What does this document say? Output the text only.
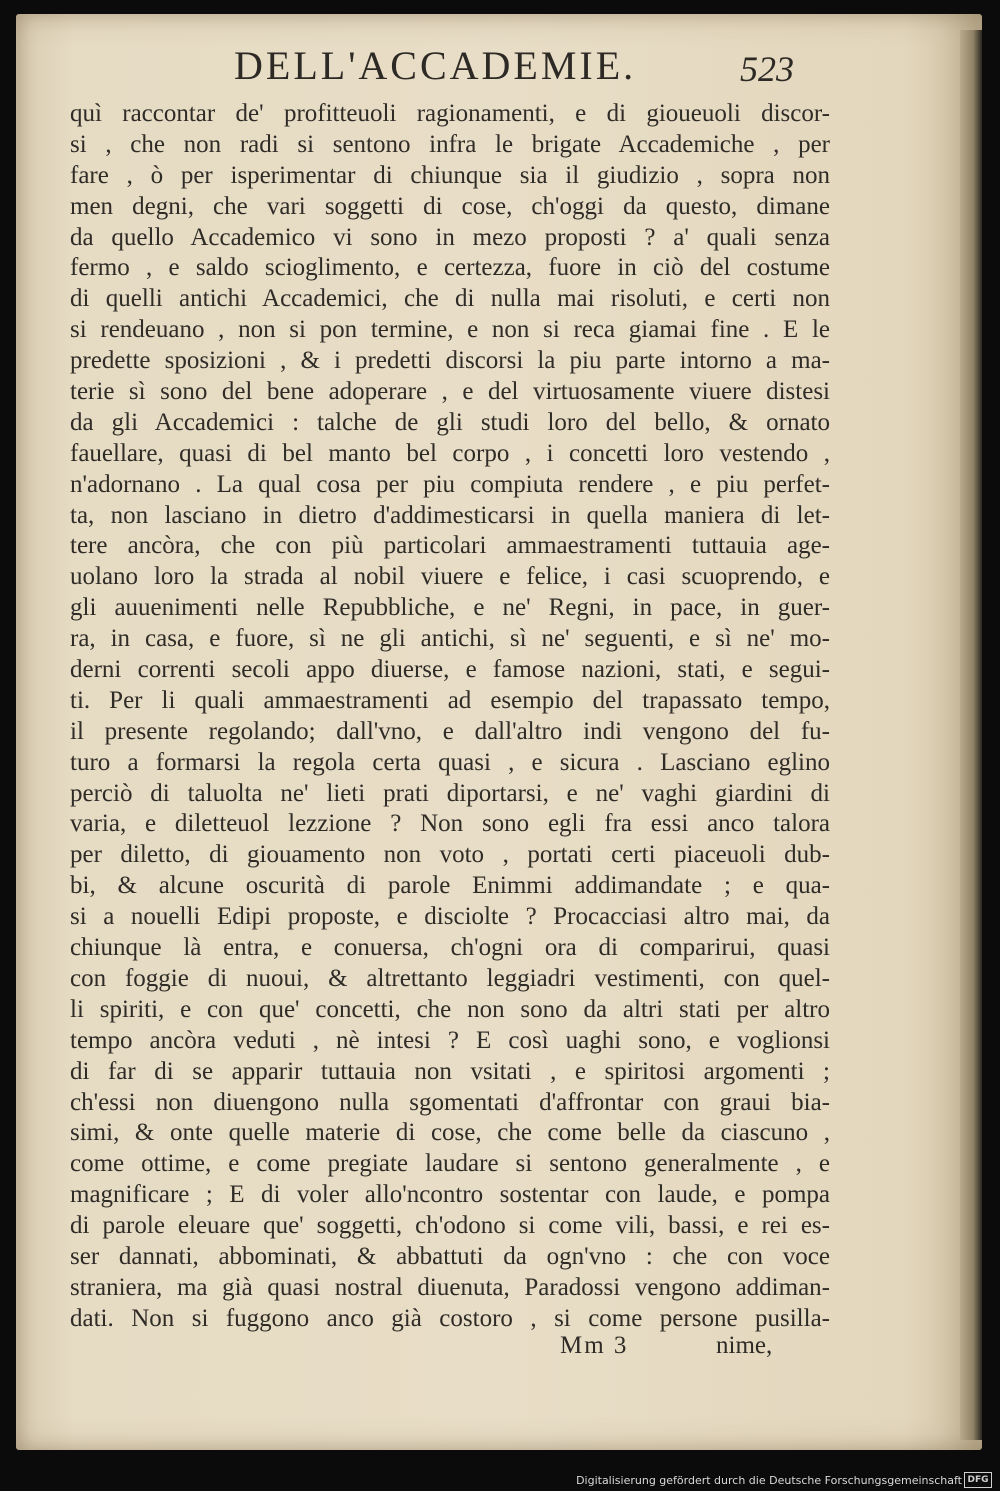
DELL'ACCADEMIE.	523
quì raccontar de' profitteuoli ragionamenti, e di gioueuoli discor-
si , che non radi si sentono infra le brigate Accademiche , per
fare , ò per isperimentar di chiunque sia il giudizio , sopra non
men degni, che vari soggetti di cose, ch'oggi da questo, dimane
da quello Accademico vi sono in mezo proposti ? a' quali senza
fermo , e saldo scioglimento, e certezza, fuore in ciò del costume
di quelli antichi Accademici, che di nulla mai risoluti, e certi non
si rendeuano , non si pon termine, e non si reca giamai fine . E le
predette sposizioni , & i predetti discorsi la piu parte intorno a ma-
terie sì sono del bene adoperare , e del virtuosamente viuere distesi
da gli Accademici : talche de gli studi loro del bello, & ornato
fauellare, quasi di bel manto bel corpo , i concetti loro vestendo ,
n'adornano . La qual cosa per piu compiuta rendere , e piu perfet-
ta, non lasciano in dietro d'addimesticarsi in quella maniera di let-
tere ancòra, che con più particolari ammaestramenti tuttauia age-
uolano loro la strada al nobil viuere e felice, i casi scuoprendo, e
gli auuenimenti nelle Repubbliche, e ne' Regni, in pace, in guer-
ra, in casa, e fuore, sì ne gli antichi, sì ne' seguenti, e sì ne' mo-
derni correnti secoli appo diuerse, e famose nazioni, stati, e segui-
ti. Per li quali ammaestramenti ad esempio del trapassato tempo,
il presente regolando; dall'vno, e dall'altro indi vengono del fu-
turo a formarsi la regola certa quasi , e sicura . Lasciano eglino
perciò di taluolta ne' lieti prati diportarsi, e ne' vaghi giardini di
varia, e diletteuol lezzione ? Non sono egli fra essi anco talora
per diletto, di giouamento non voto , portati certi piaceuoli dub-
bi, & alcune oscurità di parole Enimmi addimandate ; e qua-
si a nouelli Edipi proposte, e disciolte ? Procacciasi altro mai, da
chiunque là entra, e conuersa, ch'ogni ora di comparirui, quasi
con foggie di nuoui, & altrettanto leggiadri vestimenti, con quel-
li spiriti, e con que' concetti, che non sono da altri stati per altro
tempo ancòra veduti , nè intesi ? E così uaghi sono, e voglionsi
di far di se apparir tuttauia non vsitati , e spiritosi argomenti ;
ch'essi non diuengono nulla sgomentati d'affrontar con graui bia-
simi, & onte quelle materie di cose, che come belle da ciascuno ,
come ottime, e come pregiate laudare si sentono generalmente , e
magnificare ; E di voler allo'ncontro sostentar con laude, e pompa
di parole eleuare que' soggetti, ch'odono si come vili, bassi, e rei es-
ser dannati, abbominati, & abbattuti da ogn'vno : che con voce
straniera, ma già quasi nostral diuenuta, Paradossi vengono addiman-
dati. Non si fuggono anco già costoro , si come persone pusilla-
Mm 3	nime,
Digitalisierung gefördert durch die Deutsche Forschungsgemeinschaft DFG
